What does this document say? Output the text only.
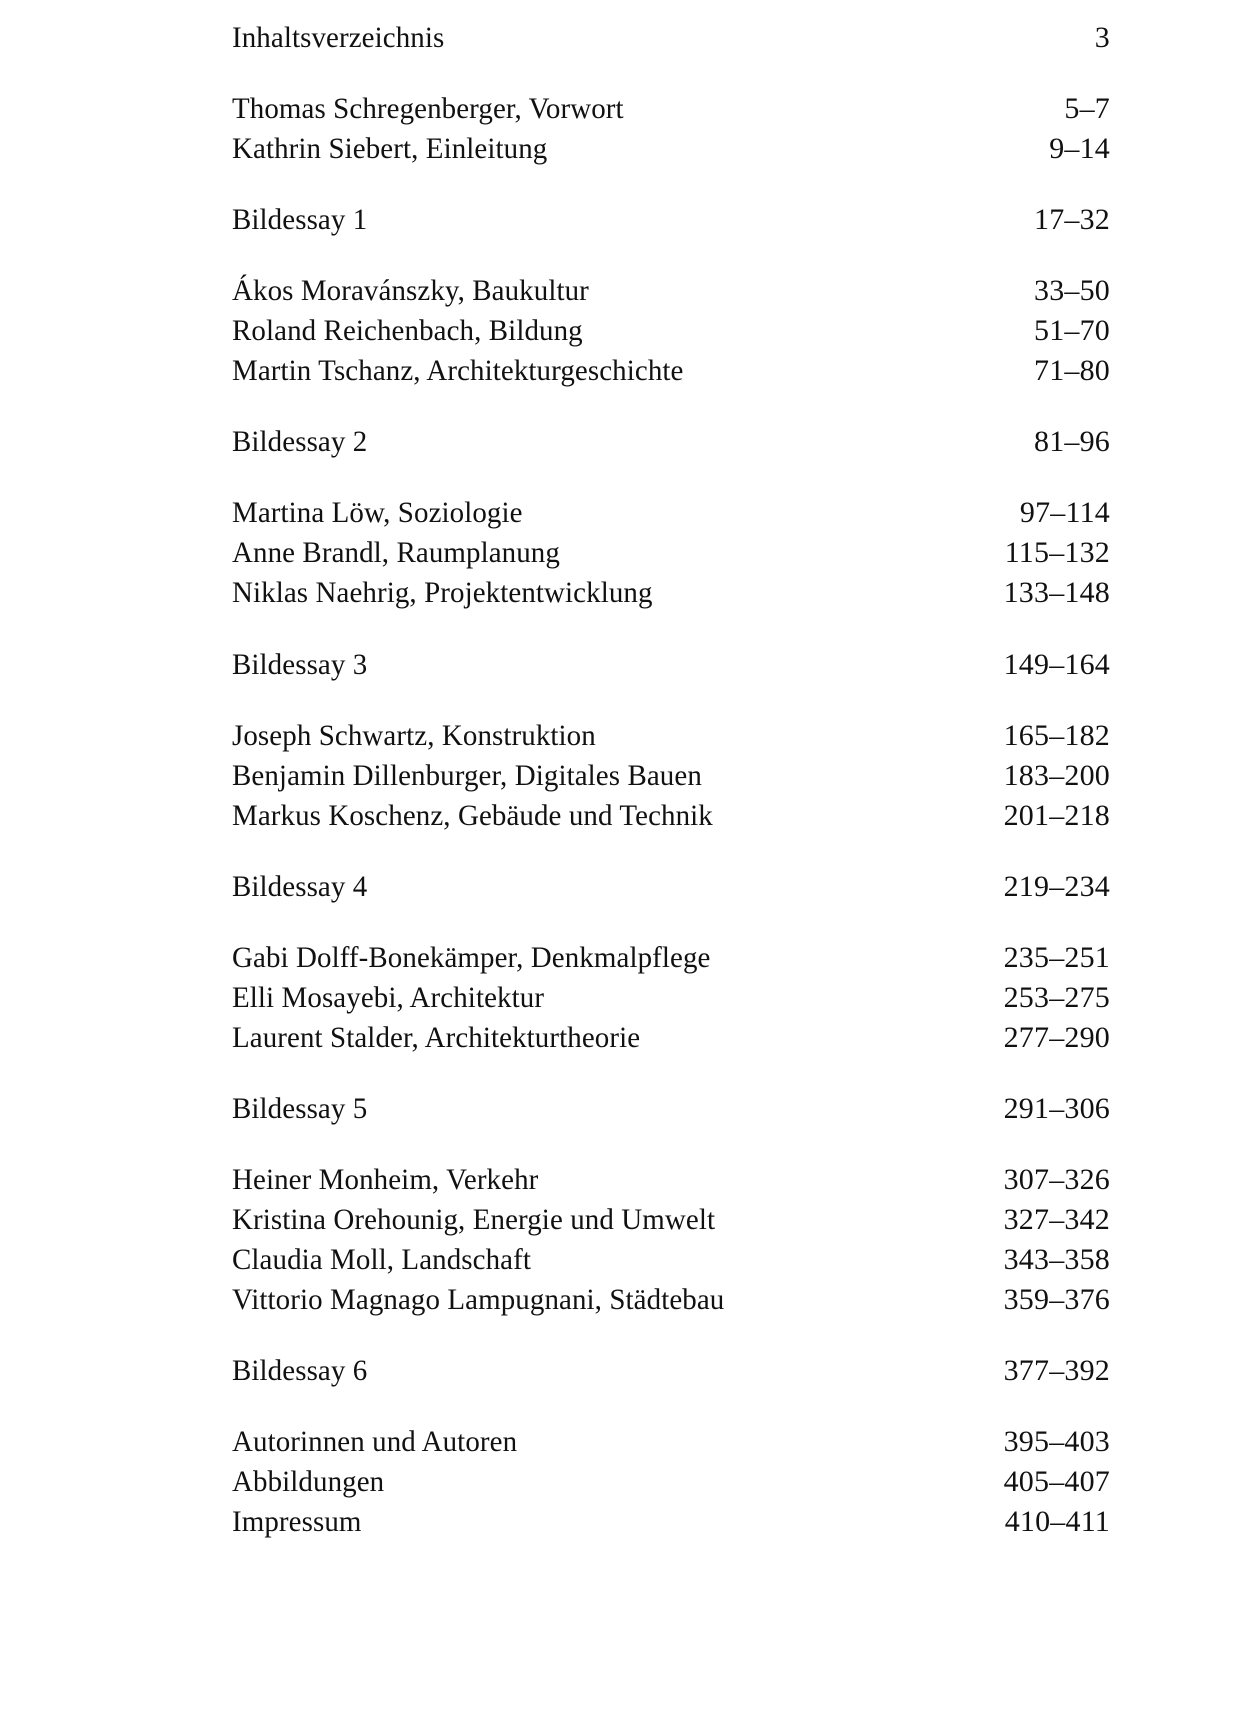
Inhaltsverzeichnis	3
Thomas Schregenberger, Vorwort	5–7
Kathrin Siebert, Einleitung	9–14
Bildessay 1	17–32
Ákos Moravánszky, Baukultur	33–50
Roland Reichenbach, Bildung	51–70
Martin Tschanz, Architekturgeschichte	71–80
Bildessay 2	81–96
Martina Löw, Soziologie	97–114
Anne Brandl, Raumplanung	115–132
Niklas Naehrig, Projektentwicklung	133–148
Bildessay 3	149–164
Joseph Schwartz, Konstruktion	165–182
Benjamin Dillenburger, Digitales Bauen	183–200
Markus Koschenz, Gebäude und Technik	201–218
Bildessay 4	219–234
Gabi Dolff-Bonekämper, Denkmalpflege	235–251
Elli Mosayebi, Architektur	253–275
Laurent Stalder, Architekturtheorie	277–290
Bildessay 5	291–306
Heiner Monheim, Verkehr	307–326
Kristina Orehounig, Energie und Umwelt	327–342
Claudia Moll, Landschaft	343–358
Vittorio Magnago Lampugnani, Städtebau	359–376
Bildessay 6	377–392
Autorinnen und Autoren	395–403
Abbildungen	405–407
Impressum	410–411
